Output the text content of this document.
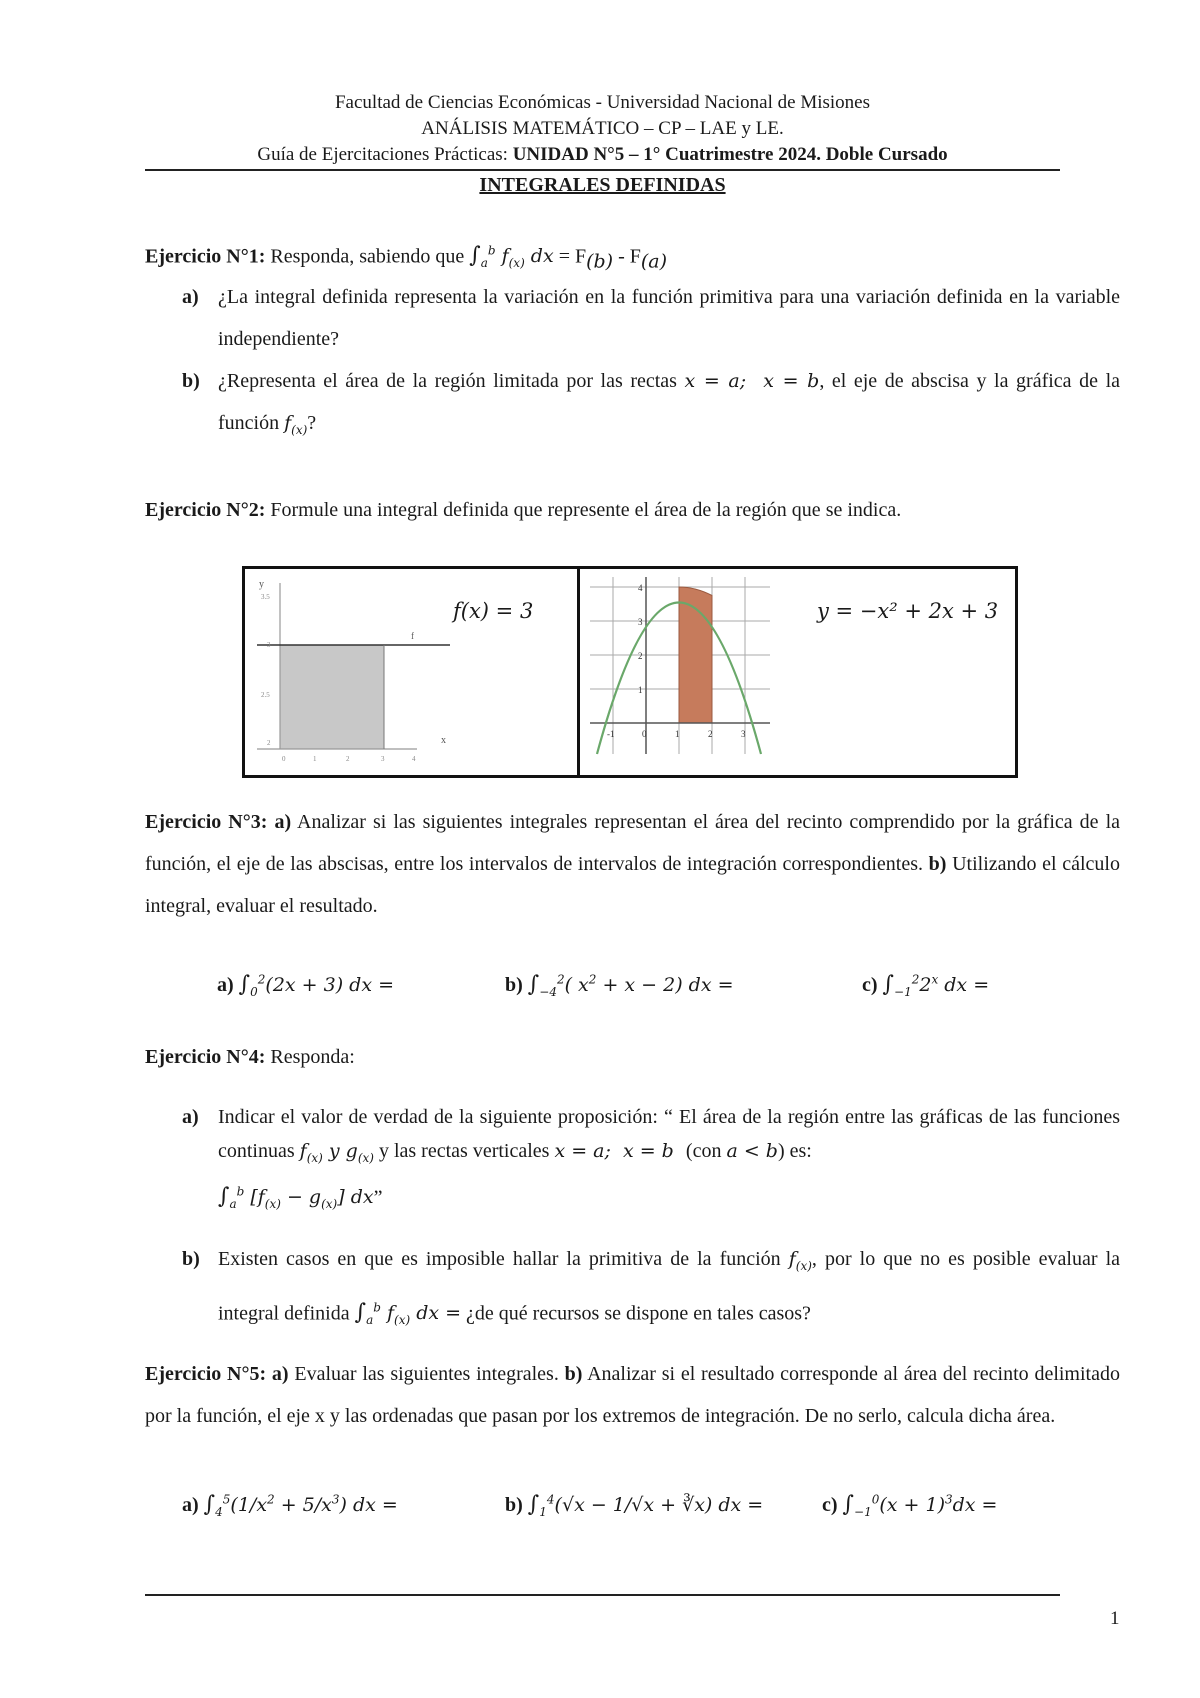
Facultad de Ciencias Económicas - Universidad Nacional de Misiones
ANÁLISIS MATEMÁTICO – CP – LAE y LE.
Guía de Ejercitaciones Prácticas: UNIDAD N°5 – 1° Cuatrimestre 2024. Doble Cursado
INTEGRALES DEFINIDAS
Ejercicio N°1: Responda, sabiendo que $\int_a^b$ $f_{(x)}$ dx = $F_{(b)} - F_{(a)}$
a) ¿La integral definida representa la variación en la función primitiva para una variación definida en la variable independiente?
b) ¿Representa el área de la región limitada por las rectas x = a;  x = b, el eje de abscisa y la gráfica de la función $f_{(x)}$?
Ejercicio N°2: Formule una integral definida que represente el área de la región que se indica.
y
x
f
3.5
3
2.5
2
0	1	2	3	4
f(x) = 3
4
3
2
1
-1	0	1	2	3
y = −x² + 2x + 3
Ejercicio N°3: a) Analizar si las siguientes integrales representan el área del recinto comprendido por la gráfica de la función, el eje de las abscisas, entre los intervalos de intervalos de integración correspondientes. b) Utilizando el cálculo integral, evaluar el resultado.
a) $\int_0^2(2x + 3)$ dx =	b) $\int_{-4}^2$( $x^2 + x - 2$) dx =	c) $\int_{-1}^22^x$ dx =
Ejercicio N°4: Responda:
a) Indicar el valor de verdad de la siguiente proposición: “ El área de la región entre las gráficas de las funciones continuas $f_{(x)}$ y $g_{(x)}$ y las rectas verticales x = a;  x = b  (con a < b) es:
$\int_a^b$ $[f_{(x)} - g_{(x)}]$ dx”
b) Existen casos en que es imposible hallar la primitiva de la función $f_{(x)}$, por lo que no es posible evaluar la integral definida $\int_a^b$ $f_{(x)}$ dx = ¿de qué recursos se dispone en tales casos?
Ejercicio N°5: a) Evaluar las siguientes integrales. b) Analizar si el resultado corresponde al área del recinto delimitado por la función, el eje x y las ordenadas que pasan por los extremos de integración. De no serlo, calcula dicha área.
a) $\int_4^5(1/x^2 + 5/x^3)$ dx =	b) $\int_1^4(√x - 1/√x$ + ∛x) dx =	c) $\int_{-1}^0(x + 1)^3dx$ =
1
